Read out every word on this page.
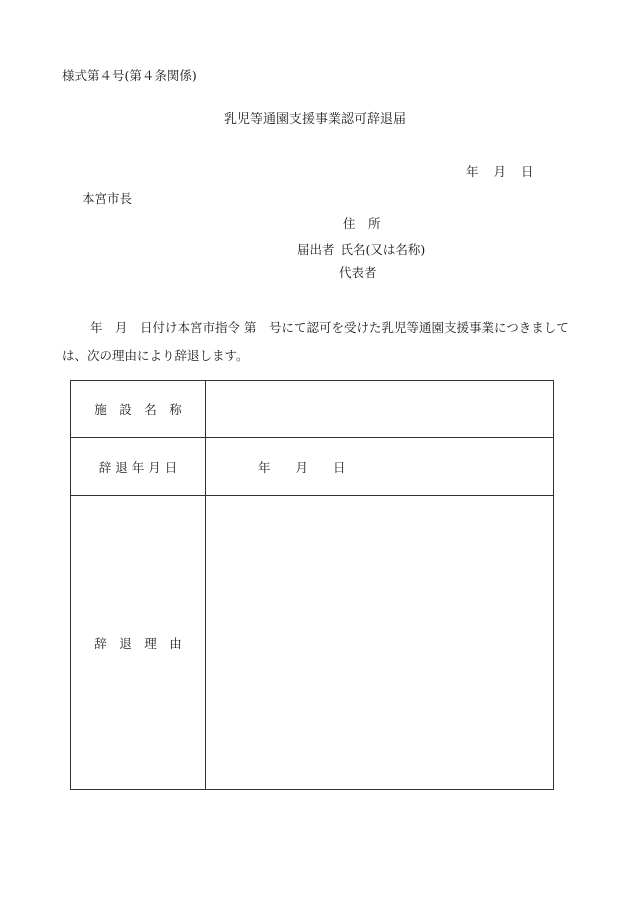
様式第４号(第４条関係)
乳児等通園支援事業認可辞退届
年 月 日
本宮市長
住　所
届出者 氏名(又は名称)
代表者
年　月　日付け本宮市指令 第　号にて認可を受けた乳児等通園支援事業につきましては、次の理由により辞退します。
施　設　名　称	
辞 退 年 月 日	年　　月　　日
辞　退　理　由	
